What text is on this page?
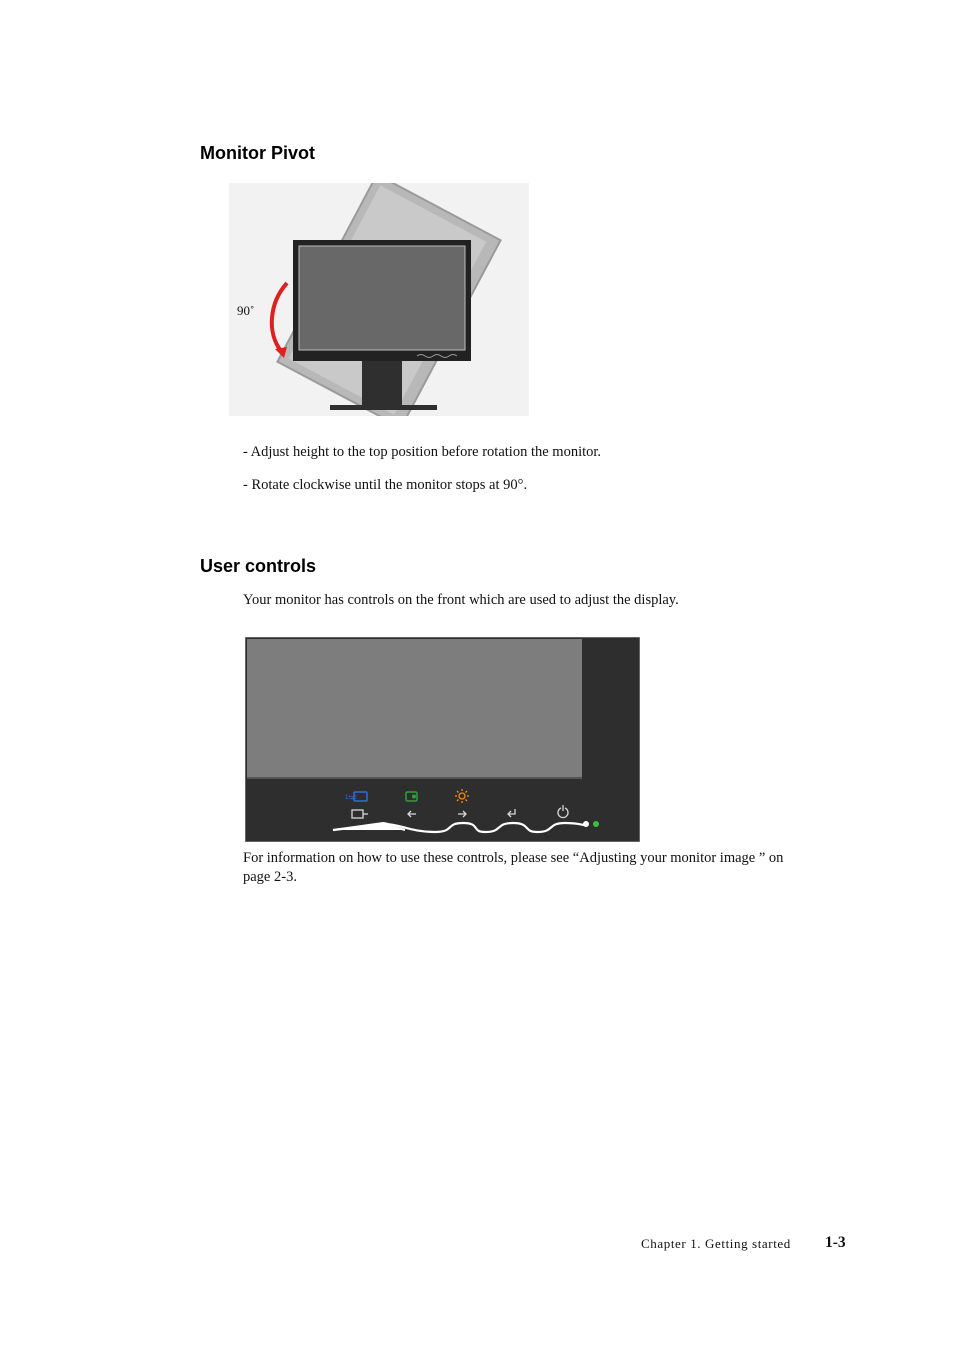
Monitor Pivot
90˚

- Adjust height to the top position before rotation the monitor.

- Rotate clockwise until the monitor stops at 90°.

User controls

Your monitor has controls on the front which are used to adjust the display.

1⇆2

For information on how to use these controls, please see “Adjusting your monitor image ” on page 2-3.

Chapter 1. Getting started 1-3
